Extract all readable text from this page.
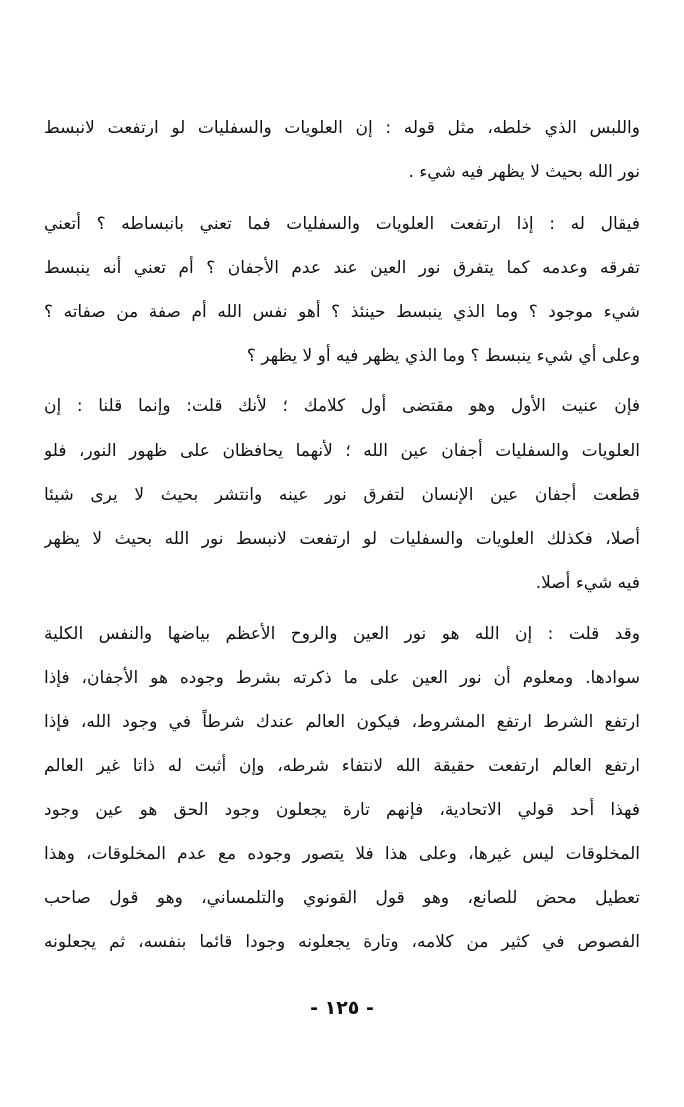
واللبس الذي خلطه، مثل قوله : إن العلويات والسفليات لو ارتفعت لانبسط
نور الله بحيث لا يظهر فيه شيء .
فيقال له : إذا ارتفعت العلويات والسفليات فما تعني بانبساطه ؟ أتعني
تفرقه وعدمه كما يتفرق نور العين عند عدم الأجفان ؟ أم تعني أنه ينبسط
شيء موجود ؟ وما الذي ينبسط حينئذ ؟ أهو نفس الله أم صفة من صفاته ؟
وعلى أي شيء ينبسط ؟ وما الذي يظهر فيه أو لا يظهر ؟
فإن عنيت الأول وهو مقتضى أول كلامك ؛ لأنك قلت: وإنما قلنا : إن
العلويات والسفليات أجفان عين الله ؛ لأنهما يحافظان على ظهور النور، فلو
قطعت أجفان عين الإنسان لتفرق نور عينه وانتشر بحيث لا يرى شيئا
أصلا، فكذلك العلويات والسفليات لو ارتفعت لانبسط نور الله بحيث لا يظهر
فيه شيء أصلا.
وقد قلت : إن الله هو نور العين والروح الأعظم بياضها والنفس الكلية
سوادها. ومعلوم أن نور العين على ما ذكرته بشرط وجوده هو الأجفان، فإذا
ارتفع الشرط ارتفع المشروط، فيكون العالم عندك شرطاً في وجود الله، فإذا
ارتفع العالم ارتفعت حقيقة الله لانتفاء شرطه، وإن أثبت له ذاتا غير العالم
فهذا أحد قولي الاتحادية، فإنهم تارة يجعلون وجود الحق هو عين وجود
المخلوقات ليس غيرها، وعلى هذا فلا يتصور وجوده مع عدم المخلوقات، وهذا
تعطيل محض للصانع، وهو قول القونوي والتلمساني، وهو قول صاحب
الفصوص في كثير من كلامه، وتارة يجعلونه وجودا قائما بنفسه، ثم يجعلونه
- ١٢٥ -
